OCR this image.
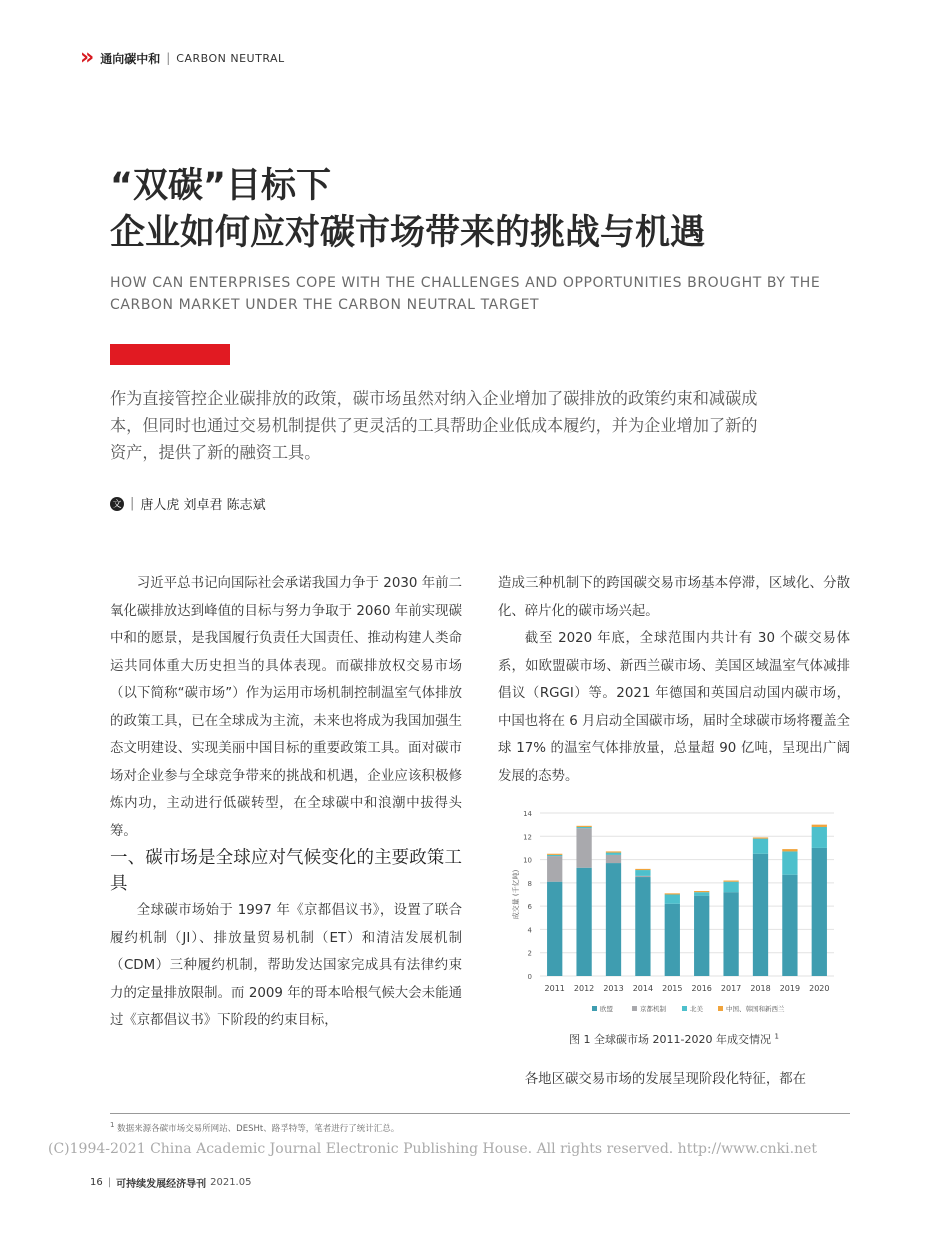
» 通向碳中和 | CARBON NEUTRAL
“双碳”目标下
企业如何应对碳市场带来的挑战与机遇
HOW CAN ENTERPRISES COPE WITH THE CHALLENGES AND OPPORTUNITIES BROUGHT BY THE CARBON MARKET UNDER THE CARBON NEUTRAL TARGET
作为直接管控企业碳排放的政策，碳市场虽然对纳入企业增加了碳排放的政策约束和减碳成本，但同时也通过交易机制提供了更灵活的工具帮助企业低成本履约，并为企业增加了新的资产，提供了新的融资工具。
文 | 唐人虎 刘卓君 陈志斌

习近平总书记向国际社会承诺我国力争于 2030 年前二氧化碳排放达到峰值的目标与努力争取于 2060 年前实现碳中和的愿景，是我国履行负责任大国责任、推动构建人类命运共同体重大历史担当的具体表现。而碳排放权交易市场（以下简称“碳市场”）作为运用市场机制控制温室气体排放的政策工具，已在全球成为主流，未来也将成为我国加强生态文明建设、实现美丽中国目标的重要政策工具。面对碳市场对企业参与全球竞争带来的挑战和机遇，企业应该积极修炼内功，主动进行低碳转型，在全球碳中和浪潮中拔得头筹。

一、碳市场是全球应对气候变化的主要政策工具

全球碳市场始于 1997 年《京都倡议书》，设置了联合履约机制（JI）、排放量贸易机制（ET）和清洁发展机制（CDM）三种履约机制，帮助发达国家完成具有法律约束力的定量排放限制。而 2009 年的哥本哈根气候大会未能通过《京都倡议书》下阶段的约束目标，

造成三种机制下的跨国碳交易市场基本停滞，区域化、分散化、碎片化的碳市场兴起。

截至 2020 年底，全球范围内共计有 30 个碳交易体系，如欧盟碳市场、新西兰碳市场、美国区域温室气体减排倡议（RGGI）等。2021 年德国和英国启动国内碳市场，中国也将在 6 月启动全国碳市场，届时全球碳市场将覆盖全球 17% 的温室气体排放量，总量超 90 亿吨，呈现出广阔发展的态势。

0
2
4
6
8
10
12
14
成交量 (千亿吨)
2011 2012 2013 2014 2015 2016 2017 2018 2019 2020
欧盟	京都机制	北美	中国、韩国和新西兰
图 1 全球碳市场 2011-2020 年成交情况 $^1$

各地区碳交易市场的发展呈现阶段化特征，都在

$^1$ 数据来源各碳市场交易所网站、DESHt、路孚特等，笔者进行了统计汇总。
(C)1994-2021 China Academic Journal Electronic Publishing House. All rights reserved. http://www.cnki.net
16 | 可持续发展经济导刊 2021.05
